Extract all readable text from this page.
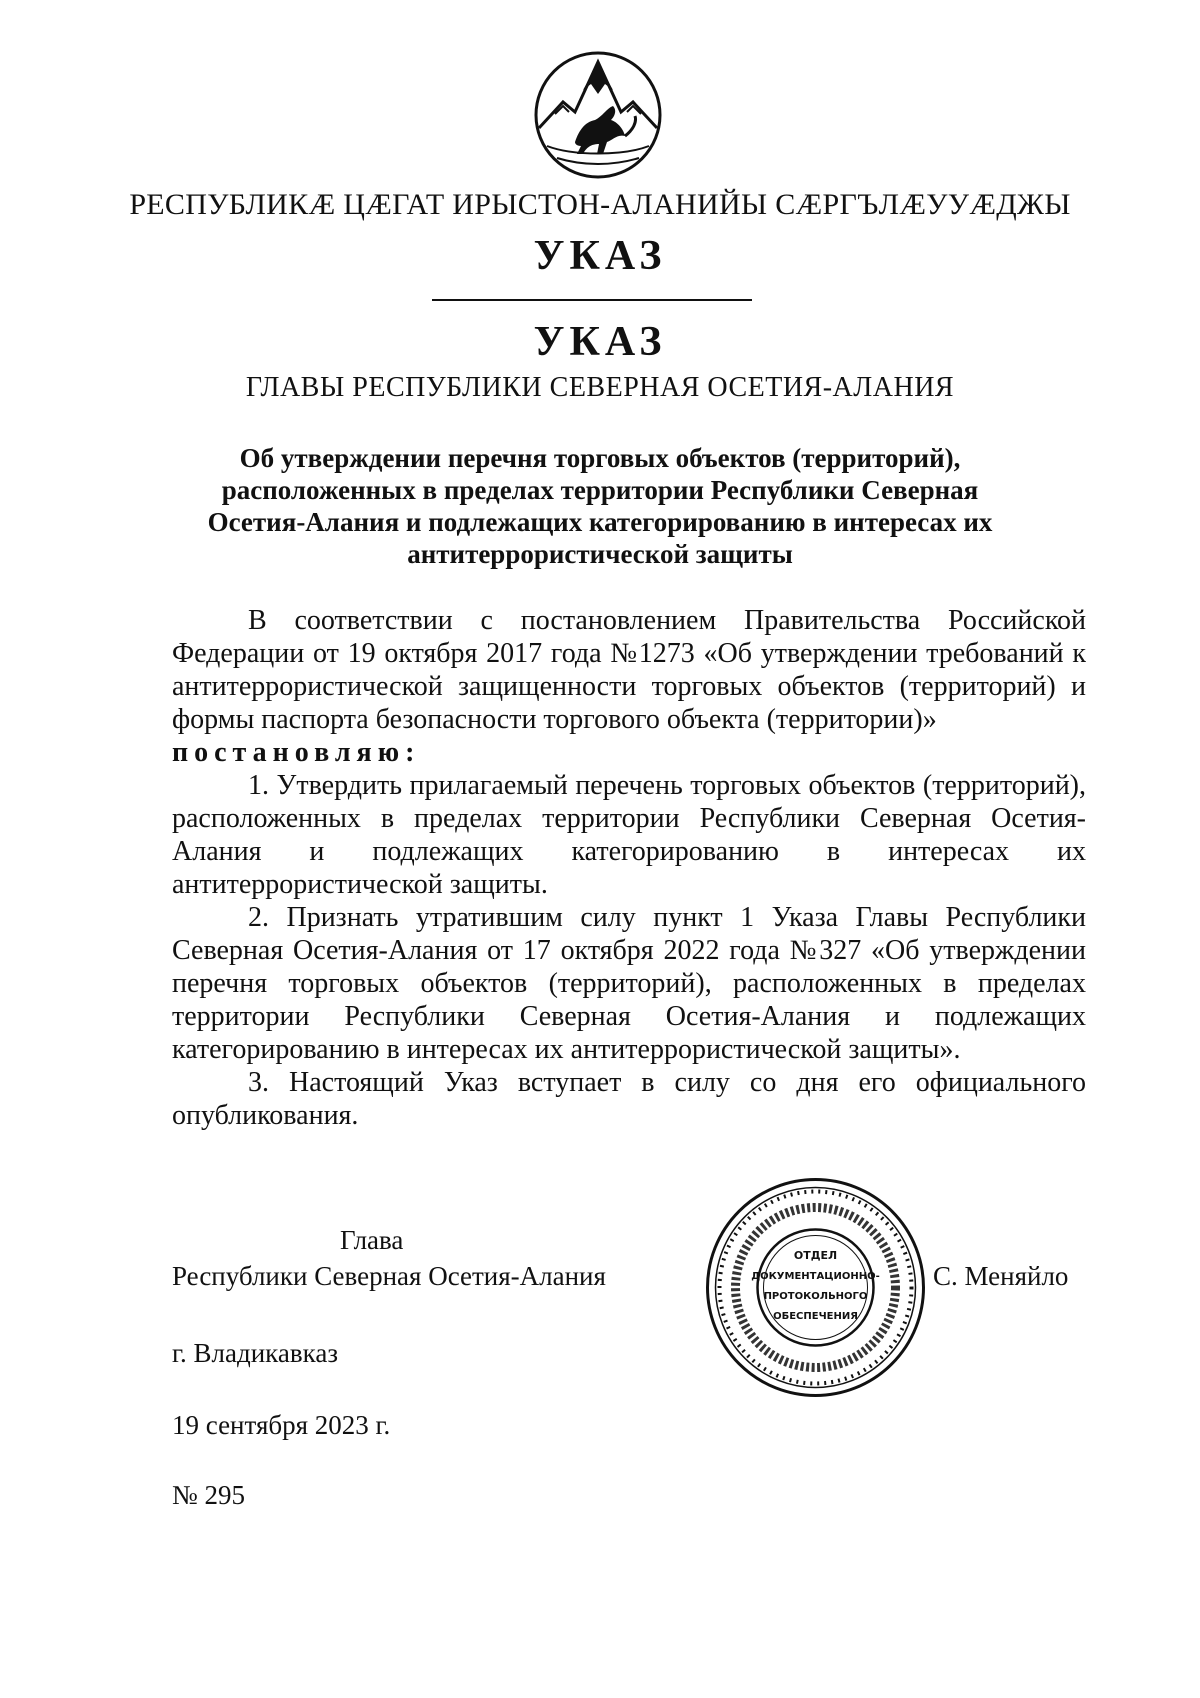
РЕСПУБЛИКÆ ЦÆГАТ ИРЫСТОН-АЛАНИЙЫ СÆРГЪЛÆУУÆДЖЫ
УКАЗ
УКАЗ
ГЛАВЫ РЕСПУБЛИКИ СЕВЕРНАЯ ОСЕТИЯ-АЛАНИЯ
Об утверждении перечня торговых объектов (территорий), расположенных в пределах территории Республики Северная Осетия-Алания и подлежащих категорированию в интересах их антитеррористической защиты

В соответствии с постановлением Правительства Российской Федерации от 19 октября 2017 года №1273 «Об утверждении требований к антитеррористической защищенности торговых объектов (территорий) и формы паспорта безопасности торгового объекта (территории)»

постановляю:

1. Утвердить прилагаемый перечень торговых объектов (территорий), расположенных в пределах территории Республики Северная Осетия-Алания и подлежащих категорированию в интересах их антитеррористической защиты.

2. Признать утратившим силу пункт 1 Указа Главы Республики Северная Осетия-Алания от 17 октября 2022 года №327 «Об утверждении перечня торговых объектов (территорий), расположенных в пределах территории Республики Северная Осетия-Алания и подлежащих категорированию в интересах их антитеррористической защиты».

3. Настоящий Указ вступает в силу со дня его официального опубликования.

Глава
Республики Северная Осетия-Алания	С. Меняйло
ОТДЕЛ
ДОКУМЕНТАЦИОННО-
ПРОТОКОЛЬНОГО
ОБЕСПЕЧЕНИЯ
г. Владикавказ
19 сентября 2023 г.
№ 295
